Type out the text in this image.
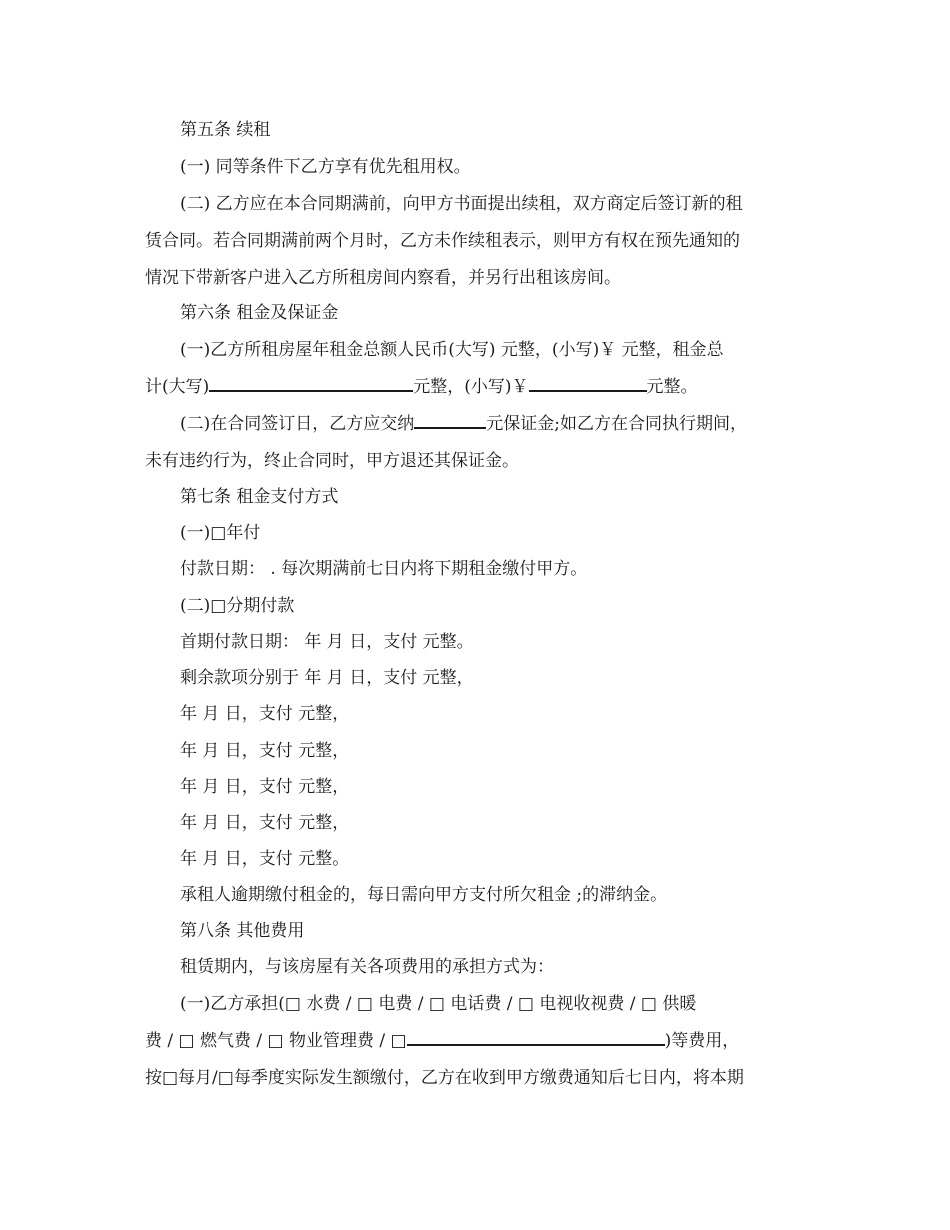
第五条 续租
(一) 同等条件下乙方享有优先租用权。
(二) 乙方应在本合同期满前，向甲方书面提出续租，双方商定后签订新的租
赁合同。若合同期满前两个月时，乙方未作续租表示，则甲方有权在预先通知的
情况下带新客户进入乙方所租房间内察看，并另行出租该房间。
第六条 租金及保证金
(一)乙方所租房屋年租金总额人民币(大写) 元整，(小写)￥ 元整，租金总
计(大写)	元整，(小写)￥	元整。
(二)在合同签订日，乙方应交纳	元保证金;如乙方在合同执行期间，
未有违约行为，终止合同时，甲方退还其保证金。
第七条 租金支付方式
(一)□年付
付款日期： . 每次期满前七日内将下期租金缴付甲方。
(二)□分期付款
首期付款日期： 年 月 日，支付 元整。
剩余款项分别于 年 月 日，支付 元整，
年 月 日，支付 元整，
年 月 日，支付 元整，
年 月 日，支付 元整，
年 月 日，支付 元整，
年 月 日，支付 元整。
承租人逾期缴付租金的，每日需向甲方支付所欠租金 ;的滞纳金。
第八条 其他费用
租赁期内，与该房屋有关各项费用的承担方式为：
(一)乙方承担(□ 水费 / □ 电费 / □ 电话费 / □ 电视收视费 / □ 供暖
费 / □ 燃气费 / □ 物业管理费 / □	)等费用，
按□每月/□每季度实际发生额缴付，乙方在收到甲方缴费通知后七日内，将本期
